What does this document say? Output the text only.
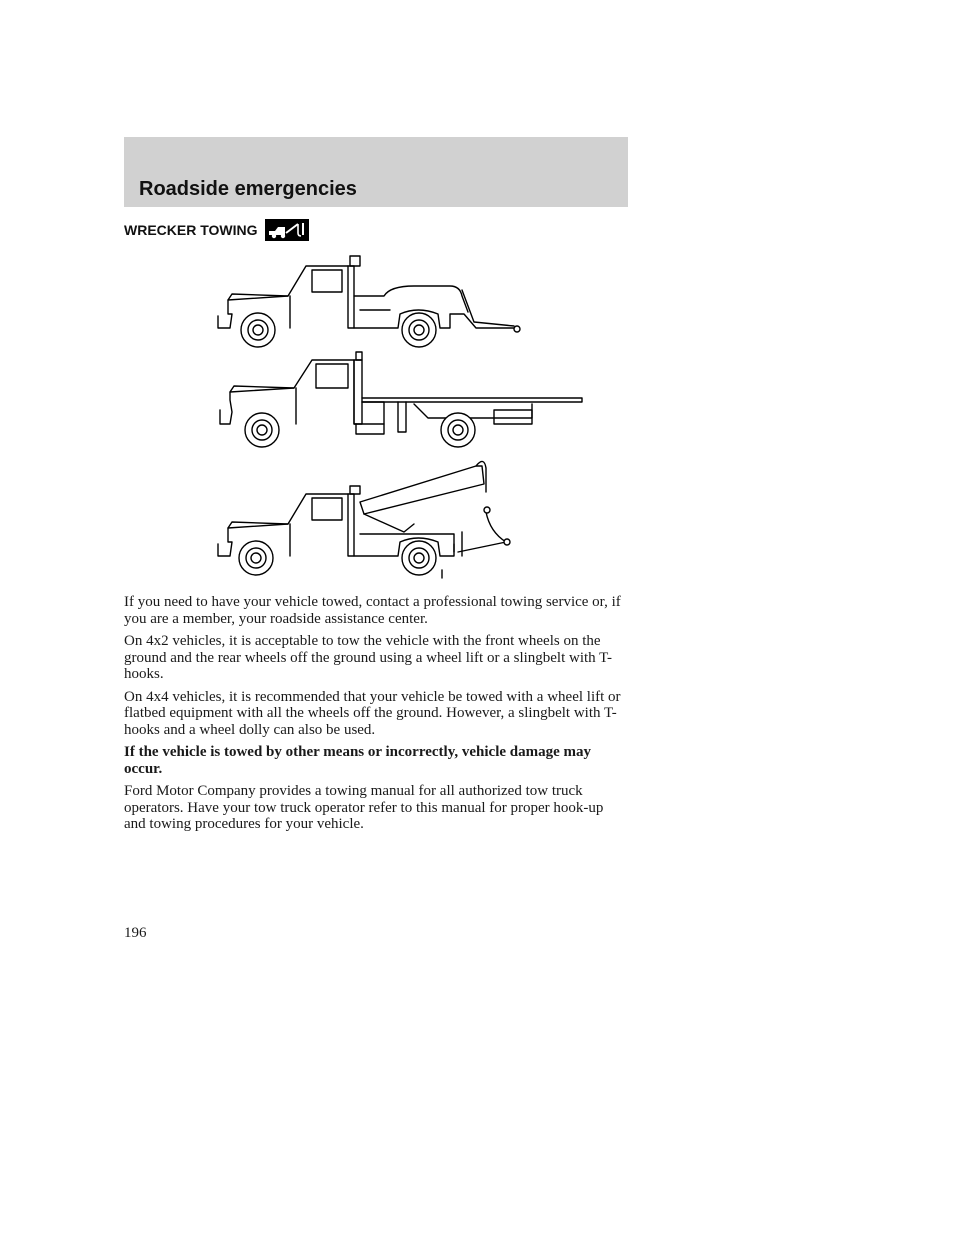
Roadside emergencies
WRECKER TOWING

If you need to have your vehicle towed, contact a professional towing service or, if you are a member, your roadside assistance center.

On 4x2 vehicles, it is acceptable to tow the vehicle with the front wheels on the ground and the rear wheels off the ground using a wheel lift or a slingbelt with T-hooks.

On 4x4 vehicles, it is recommended that your vehicle be towed with a wheel lift or flatbed equipment with all the wheels off the ground. However, a slingbelt with T-hooks and a wheel dolly can also be used.

If the vehicle is towed by other means or incorrectly, vehicle damage may occur.

Ford Motor Company provides a towing manual for all authorized tow truck operators. Have your tow truck operator refer to this manual for proper hook-up and towing procedures for your vehicle.

196
